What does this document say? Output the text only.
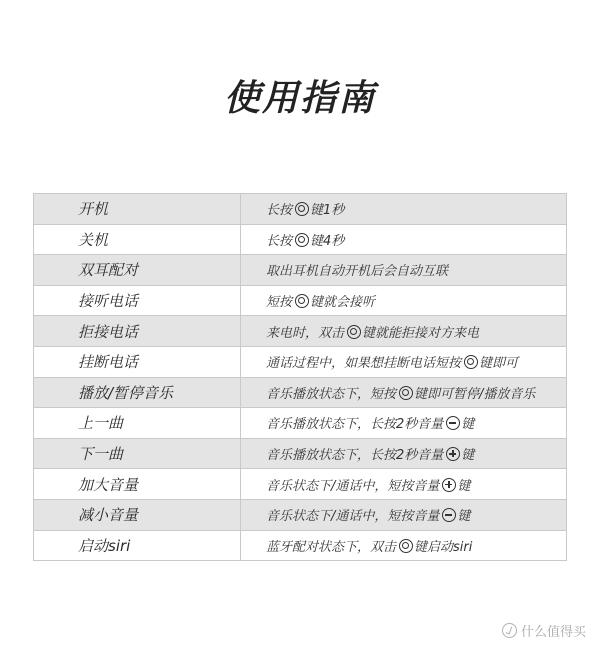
使用指南
开机	长按 键1秒
关机	长按 键4秒
双耳配对	取出耳机自动开机后会自动互联
接听电话	短按 键就会接听
拒接电话	来电时，双击 键就能拒接对方来电
挂断电话	通话过程中，如果想挂断电话短按 键即可
播放/暂停音乐	音乐播放状态下，短按 键即可暂停/播放音乐
上一曲	音乐播放状态下，长按2秒音量 键
下一曲	音乐播放状态下，长按2秒音量 键
加大音量	音乐状态下/通话中，短按音量 键
减小音量	音乐状态下/通话中，短按音量 键
启动siri	蓝牙配对状态下，双击 键启动siri
什么值得买
